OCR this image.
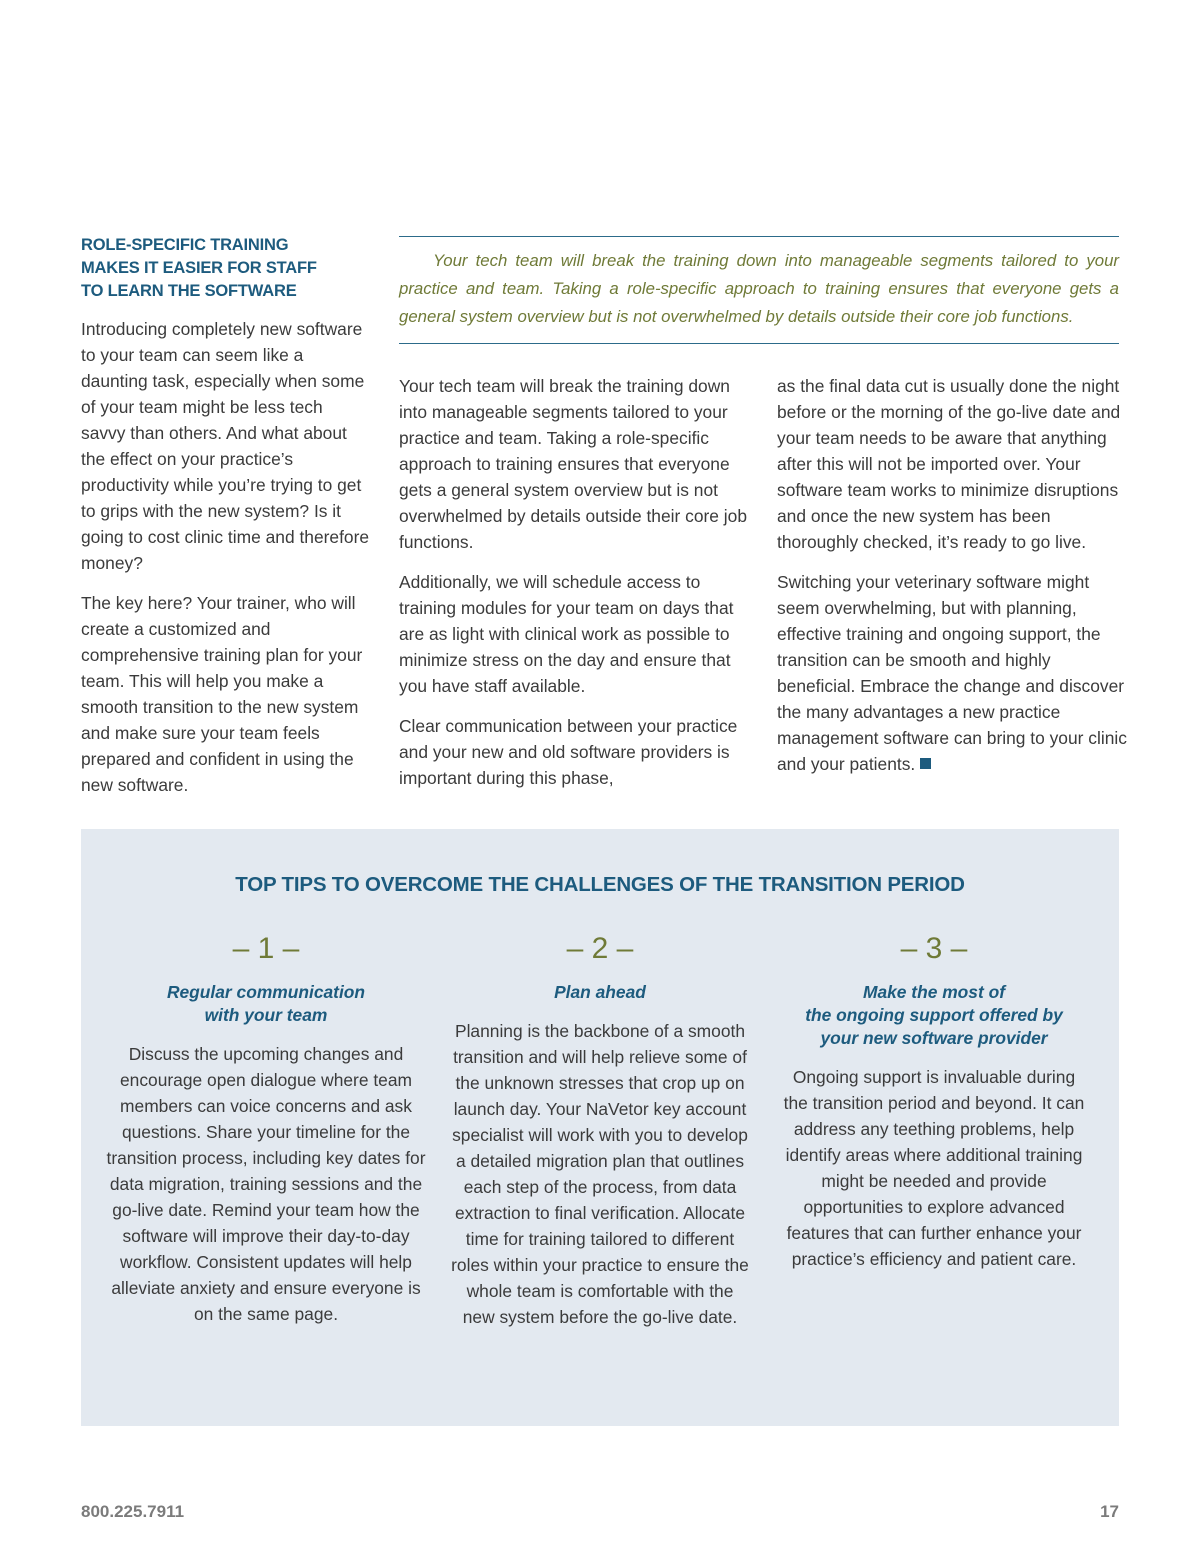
ROLE-SPECIFIC TRAINING
MAKES IT EASIER FOR STAFF
TO LEARN THE SOFTWARE

Introducing completely new software to your team can seem like a daunting task, especially when some of your team might be less tech savvy than others. And what about the effect on your practice’s productivity while you’re trying to get to grips with the new system? Is it going to cost clinic time and therefore money?

The key here? Your trainer, who will create a customized and comprehensive training plan for your team. This will help you make a smooth transition to the new system and make sure your team feels prepared and confident in using the new software.

Your tech team will break the training down into manageable segments tailored to your practice and team. Taking a role-specific approach to training ensures that everyone gets a general system overview but is not overwhelmed by details outside their core job functions.

Your tech team will break the training down into manageable segments tailored to your practice and team. Taking a role-specific approach to training ensures that everyone gets a general system overview but is not overwhelmed by details outside their core job functions.

Additionally, we will schedule access to training modules for your team on days that are as light with clinical work as possible to minimize stress on the day and ensure that you have staff available.

Clear communication between your practice and your new and old software providers is important during this phase,

as the final data cut is usually done the night before or the morning of the go-live date and your team needs to be aware that anything after this will not be imported over. Your software team works to minimize disruptions and once the new system has been thoroughly checked, it’s ready to go live.

Switching your veterinary software might seem overwhelming, but with planning, effective training and ongoing support, the transition can be smooth and highly beneficial. Embrace the change and discover the many advantages a new practice management software can bring to your clinic and your patients.

TOP TIPS TO OVERCOME THE CHALLENGES OF THE TRANSITION PERIOD
– 1 –
Regular communication
with your team

Discuss the upcoming changes and encourage open dialogue where team members can voice concerns and ask questions. Share your timeline for the transition process, including key dates for data migration, training sessions and the go-live date. Remind your team how the software will improve their day-to-day workflow. Consistent updates will help alleviate anxiety and ensure everyone is on the same page.

– 2 –
Plan ahead

Planning is the backbone of a smooth transition and will help relieve some of the unknown stresses that crop up on launch day. Your NaVetor key account specialist will work with you to develop a detailed migration plan that outlines each step of the process, from data extraction to final verification. Allocate time for training tailored to different roles within your practice to ensure the whole team is comfortable with the new system before the go-live date.

– 3 –
Make the most of
the ongoing support offered by
your new software provider

Ongoing support is invaluable during the transition period and beyond. It can address any teething problems, help identify areas where additional training might be needed and provide opportunities to explore advanced features that can further enhance your practice’s efficiency and patient care.

800.225.7911	17
